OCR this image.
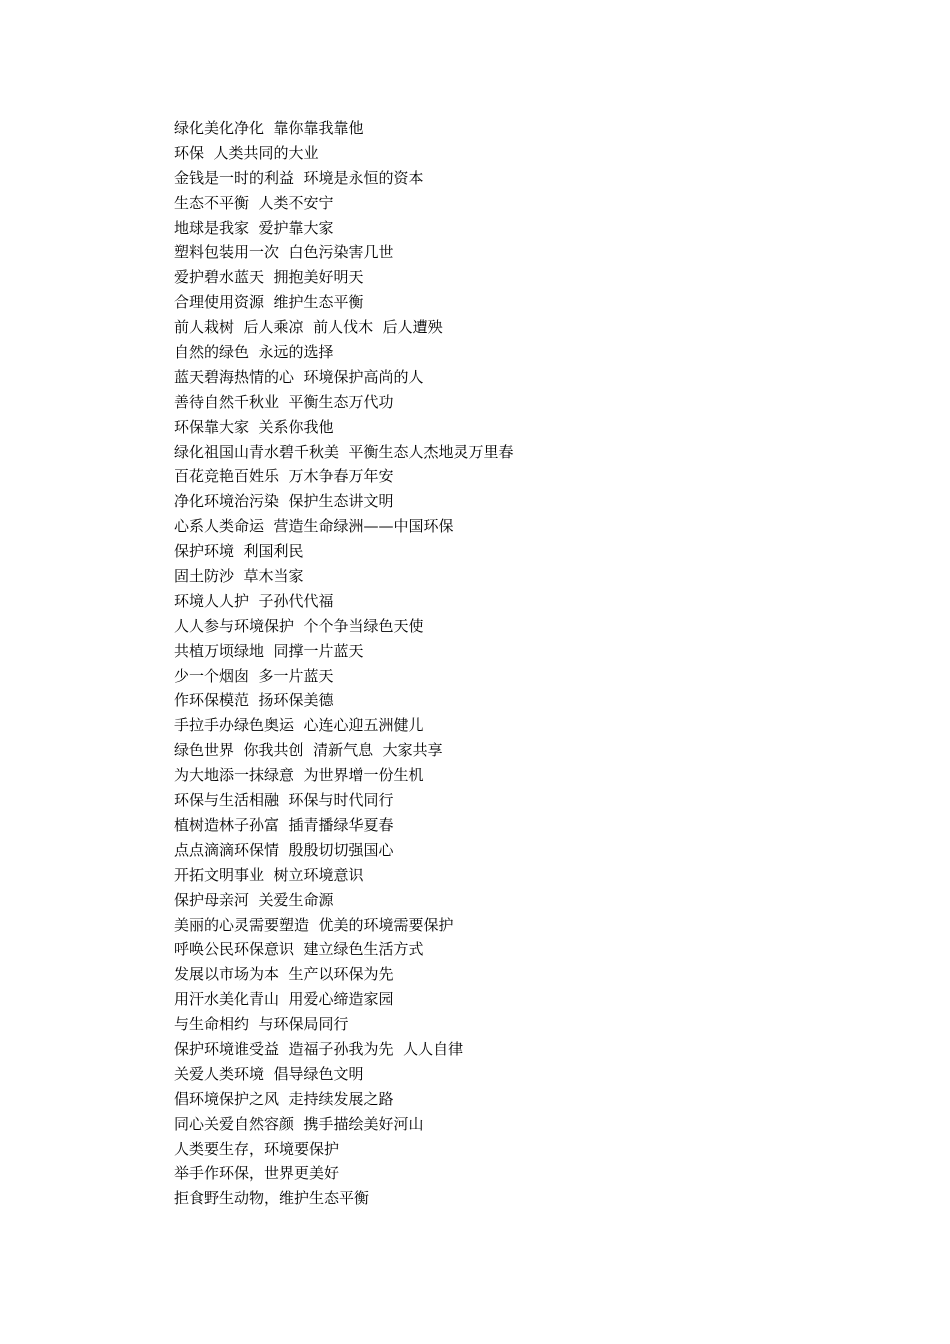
绿化美化净化  靠你靠我靠他
环保  人类共同的大业
金钱是一时的利益  环境是永恒的资本
生态不平衡  人类不安宁
地球是我家  爱护靠大家
塑料包装用一次  白色污染害几世
爱护碧水蓝天  拥抱美好明天
合理使用资源  维护生态平衡
前人栽树  后人乘凉  前人伐木  后人遭殃
自然的绿色  永远的选择
蓝天碧海热情的心  环境保护高尚的人
善待自然千秋业  平衡生态万代功
环保靠大家  关系你我他
绿化祖国山青水碧千秋美  平衡生态人杰地灵万里春
百花竞艳百姓乐  万木争春万年安
净化环境治污染  保护生态讲文明
心系人类命运  营造生命绿洲——中国环保
保护环境  利国利民
固土防沙  草木当家
环境人人护  子孙代代福
人人参与环境保护  个个争当绿色天使
共植万顷绿地  同撑一片蓝天
少一个烟囱  多一片蓝天
作环保模范  扬环保美德
手拉手办绿色奥运  心连心迎五洲健儿
绿色世界  你我共创  清新气息  大家共享
为大地添一抹绿意  为世界增一份生机
环保与生活相融  环保与时代同行
植树造林子孙富  插青播绿华夏春
点点滴滴环保情  殷殷切切强国心
开拓文明事业  树立环境意识
保护母亲河  关爱生命源
美丽的心灵需要塑造  优美的环境需要保护
呼唤公民环保意识  建立绿色生活方式
发展以市场为本  生产以环保为先
用汗水美化青山  用爱心缔造家园
与生命相约  与环保局同行
保护环境谁受益  造福子孙我为先  人人自律
关爱人类环境  倡导绿色文明
倡环境保护之风  走持续发展之路
同心关爱自然容颜  携手描绘美好河山
人类要生存，环境要保护
举手作环保，世界更美好
拒食野生动物，维护生态平衡
